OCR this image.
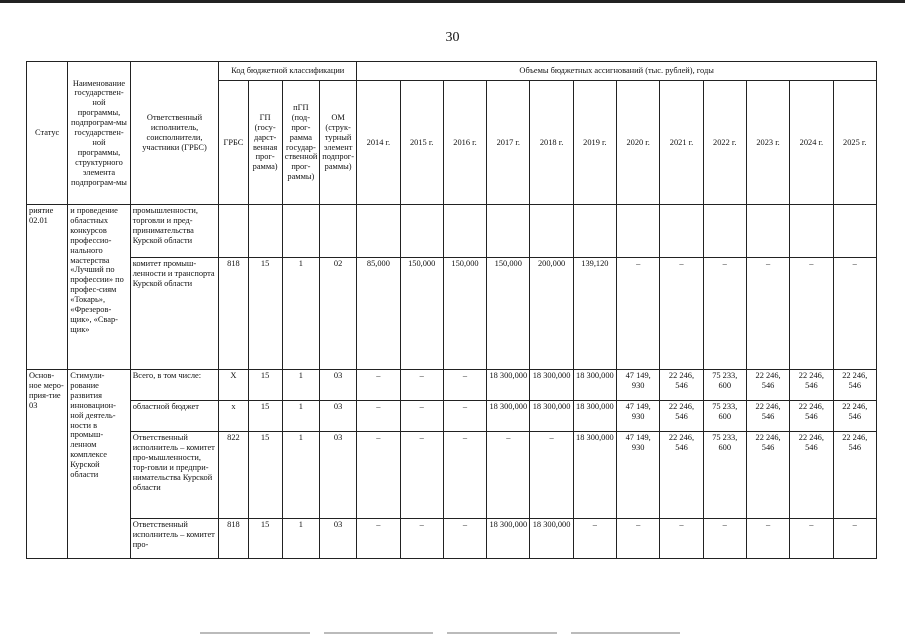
30
Статус	Наименование государствен-ной программы, подпрограм-мы государствен-ной программы, структурного элемента подпрограм-мы	Ответственный исполнитель, соисполнители, участники (ГРБС)	Код бюджетной классификации				Объемы бюджетных ассигнований (тыс. рублей), годы											
			ГРБС	ГП (госу-дарст-венная прог-рамма)	пГП (под-прог-рамма государ-ственной прог-раммы)	ОМ (струк-турный элемент подпрог-раммы)	2014 г.	2015 г.	2016 г.	2017 г.	2018 г.	2019 г.	2020 г.	2021 г.	2022 г.	2023 г.	2024 г.	2025 г.
риятие 02.01	и проведение областных конкурсов профессио-нального мастерства «Лучший по профессии» по профес-сиям «Токарь», «Фрезеров-щик», «Свар-щик»	промышленности, торговли и пред-принимательства Курской области																
		комитет промыш-ленности и транспорта Курской области	818	15	1	02	85,000	150,000	150,000	150,000	200,000	139,120	–	–	–	–	–	–
Основ-ное меро-прия-тие 03	Стимули-рование развития инновацион-ной деятель-ности в промыш-ленном комплексе Курской области	Всего, в том числе:	Х	15	1	03	–	–	–	18 300,000	18 300,000	18 300,000	47 149, 930	22 246, 546	75 233, 600	22 246, 546	22 246, 546	22 246, 546
		областной бюджет	х	15	1	03	–	–	–	18 300,000	18 300,000	18 300,000	47 149, 930	22 246, 546	75 233, 600	22 246, 546	22 246, 546	22 246, 546
		Ответственный исполнитель – комитет про-мышленности, тор-говли и предпри-нимательства Курской области	822	15	1	03	–	–	–	–	–	18 300,000	47 149, 930	22 246, 546	75 233, 600	22 246, 546	22 246, 546	22 246, 546
		Ответственный исполнитель – комитет про-	818	15	1	03	–	–	–	18 300,000	18 300,000	–	–	–	–	–	–	–
